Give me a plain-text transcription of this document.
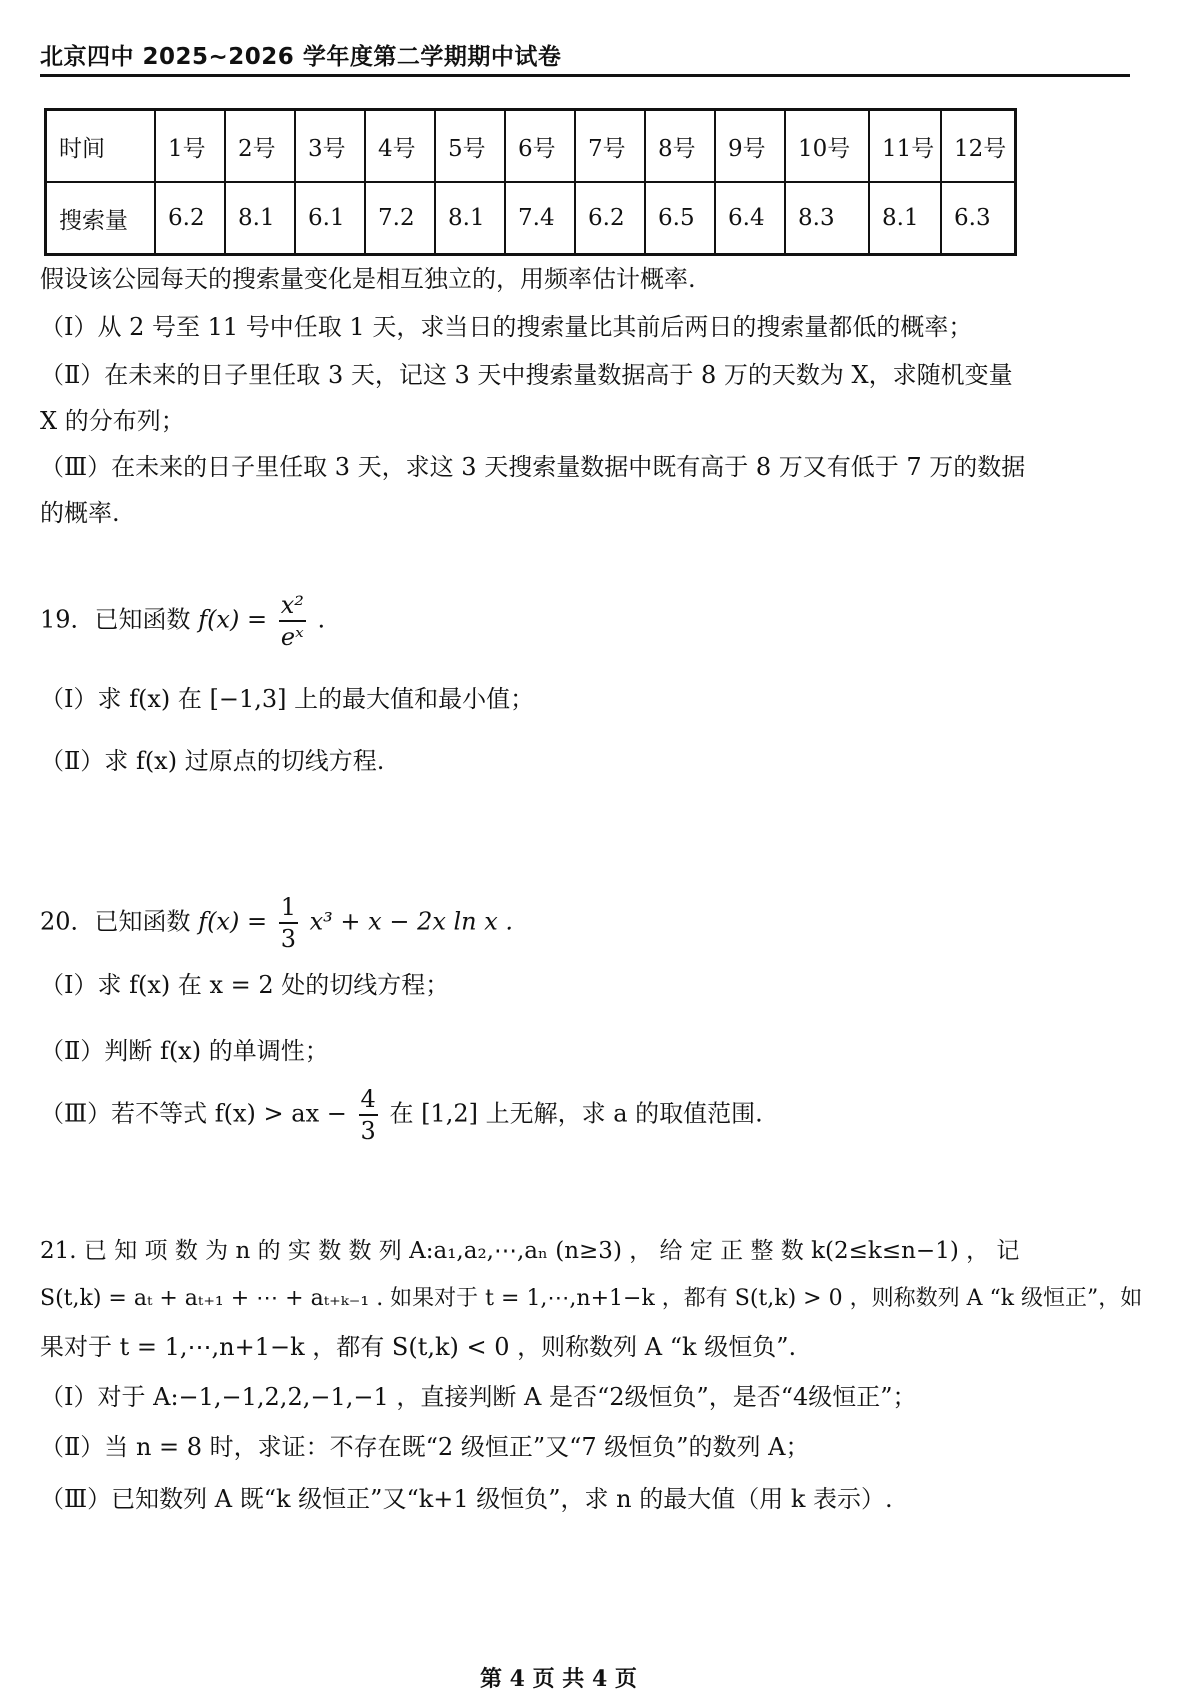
北京四中 2025~2026 学年度第二学期期中试卷
时间	1号	2号	3号	4号	5号	6号	7号	8号	9号	10号	11号	12号
搜索量	6.2	8.1	6.1	7.2	8.1	7.4	6.2	6.5	6.4	8.3	8.1	6.3
假设该公园每天的搜索量变化是相互独立的，用频率估计概率.
（Ⅰ）从 2 号至 11 号中任取 1 天，求当日的搜索量比其前后两日的搜索量都低的概率；
（Ⅱ）在未来的日子里任取 3 天，记这 3 天中搜索量数据高于 8 万的天数为 X，求随机变量
X 的分布列；
（Ⅲ）在未来的日子里任取 3 天，求这 3 天搜索量数据中既有高于 8 万又有低于 7 万的数据
的概率.
19．已知函数 $f(x) = \frac{\text{x²}}{\text{eˣ}}$ .
（Ⅰ）求 f(x) 在 [−1,3] 上的最大值和最小值；
（Ⅱ）求 f(x) 过原点的切线方程.
20．已知函数 $f(x) = \frac{1}{3} x^3 + x - 2x$ ln x .
（Ⅰ）求 f(x) 在 x = 2 处的切线方程；
（Ⅱ）判断 f(x) 的单调性；
（Ⅲ）若不等式 f(x) > ax − $\frac{4}{3}$ 在 [1,2] 上无解，求 a 的取值范围.
21. 已 知 项 数 为 n 的 实 数 数 列 A:a₁,a₂,⋯,aₙ (n≥3) ， 给 定 正 整 数 k(2≤k≤n−1) ， 记
S(t,k) = aₜ + aₜ₊₁ + ⋯ + aₜ₊ₖ₋₁ . 如果对于 t = 1,⋯,n+1−k ，都有 S(t,k) > 0 ，则称数列 A “k 级恒正”，如
果对于 t = 1,⋯,n+1−k ，都有 S(t,k) < 0 ，则称数列 A “k 级恒负”.
（Ⅰ）对于 A:−1,−1,2,2,−1,−1 ，直接判断 A 是否“2级恒负”，是否“4级恒正”；
（Ⅱ）当 n = 8 时，求证：不存在既“2 级恒正”又“7 级恒负”的数列 A；
（Ⅲ）已知数列 A 既“k 级恒正”又“k+1 级恒负”，求 n 的最大值（用 k 表示）.
第 4 页 共 4 页
